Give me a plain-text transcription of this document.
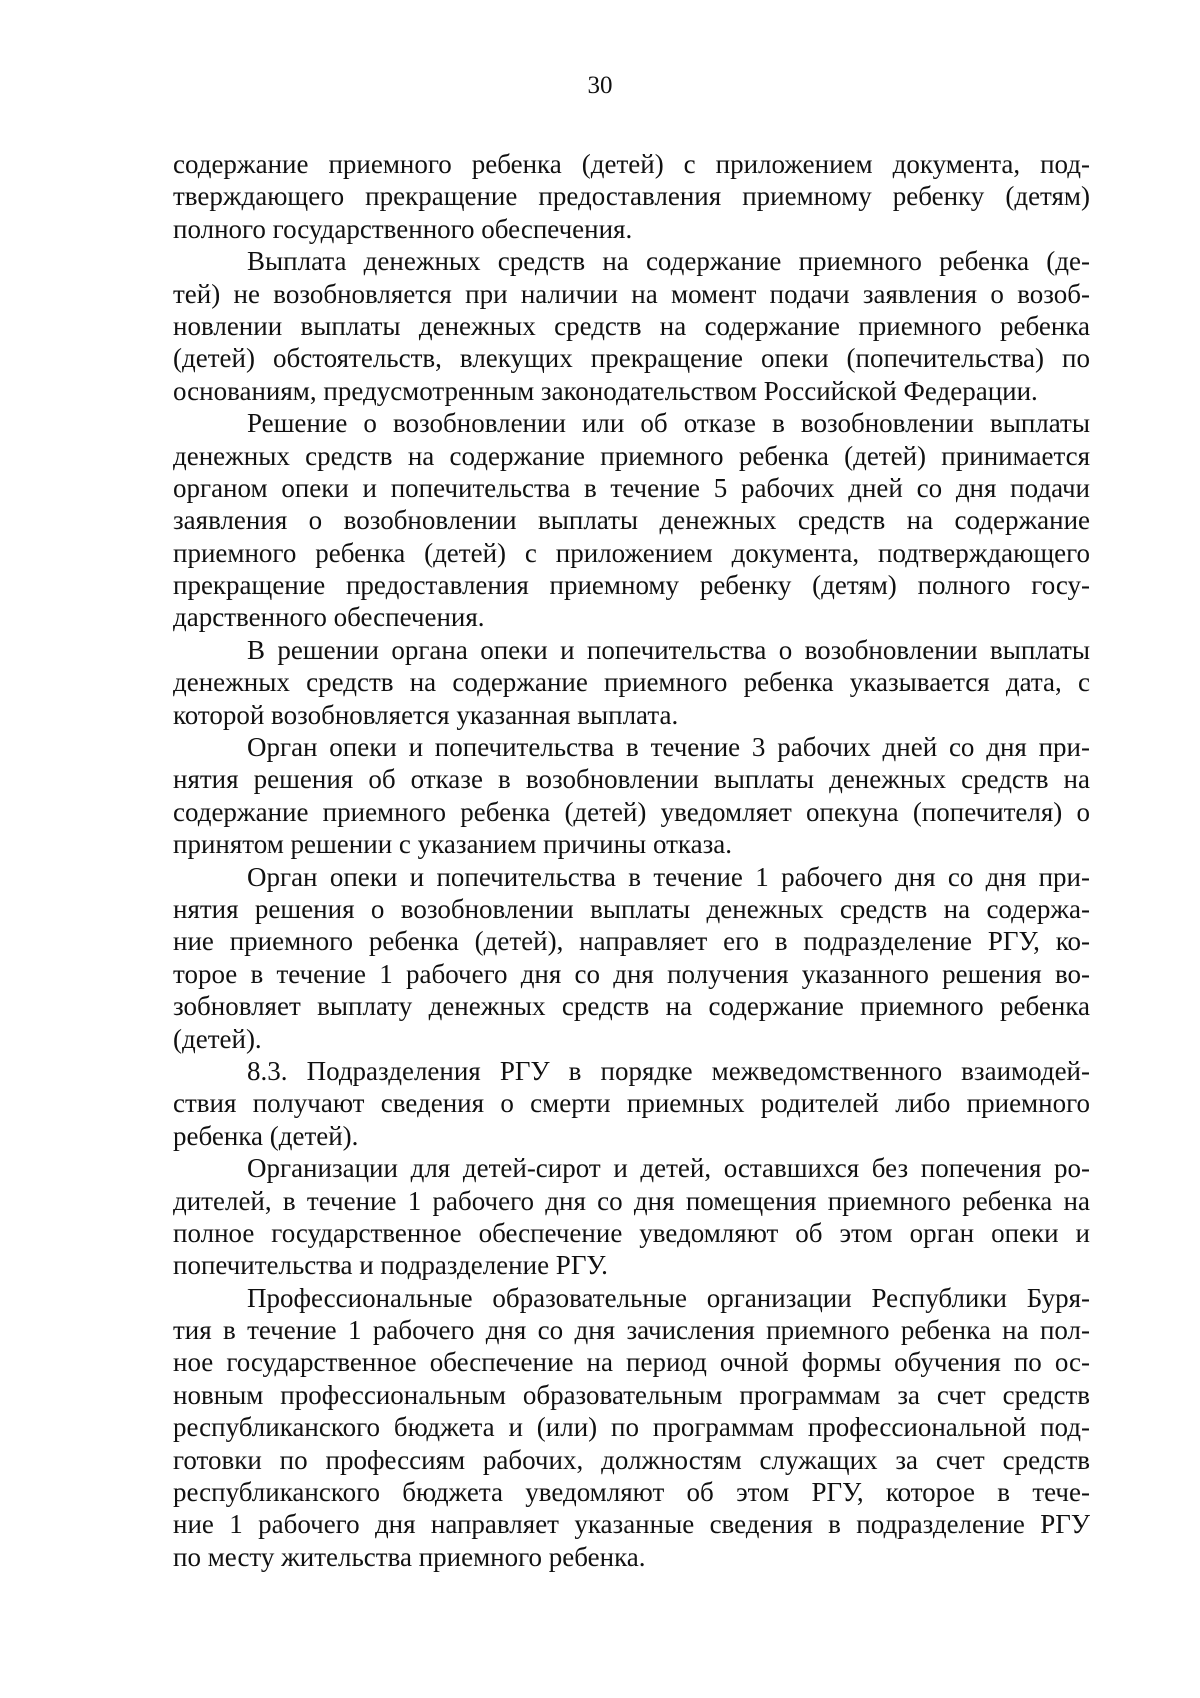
30
содержание приемного ребенка (детей) с приложением документа, под-
тверждающего прекращение предоставления приемному ребенку (детям)
полного государственного обеспечения.
Выплата денежных средств на содержание приемного ребенка (де-
тей) не возобновляется при наличии на момент подачи заявления о возоб-
новлении выплаты денежных средств на содержание приемного ребенка
(детей) обстоятельств, влекущих прекращение опеки (попечительства) по
основаниям, предусмотренным законодательством Российской Федерации.
Решение о возобновлении или об отказе в возобновлении выплаты
денежных средств на содержание приемного ребенка (детей) принимается
органом опеки и попечительства в течение 5 рабочих дней со дня подачи
заявления о возобновлении выплаты денежных средств на содержание
приемного ребенка (детей) с приложением документа, подтверждающего
прекращение предоставления приемному ребенку (детям) полного госу-
дарственного обеспечения.
В решении органа опеки и попечительства о возобновлении выплаты
денежных средств на содержание приемного ребенка указывается дата, с
которой возобновляется указанная выплата.
Орган опеки и попечительства в течение 3 рабочих дней со дня при-
нятия решения об отказе в возобновлении выплаты денежных средств на
содержание приемного ребенка (детей) уведомляет опекуна (попечителя) о
принятом решении с указанием причины отказа.
Орган опеки и попечительства в течение 1 рабочего дня со дня при-
нятия решения о возобновлении выплаты денежных средств на содержа-
ние приемного ребенка (детей), направляет его в подразделение РГУ, ко-
торое в течение 1 рабочего дня со дня получения указанного решения во-
зобновляет выплату денежных средств на содержание приемного ребенка
(детей).
8.3. Подразделения РГУ в порядке межведомственного взаимодей-
ствия получают сведения о смерти приемных родителей либо приемного
ребенка (детей).
Организации для детей-сирот и детей, оставшихся без попечения ро-
дителей, в течение 1 рабочего дня со дня помещения приемного ребенка на
полное государственное обеспечение уведомляют об этом орган опеки и
попечительства и подразделение РГУ.
Профессиональные образовательные организации Республики Буря-
тия в течение 1 рабочего дня со дня зачисления приемного ребенка на пол-
ное государственное обеспечение на период очной формы обучения по ос-
новным профессиональным образовательным программам за счет средств
республиканского бюджета и (или) по программам профессиональной под-
готовки по профессиям рабочих, должностям служащих за счет средств
республиканского бюджета уведомляют об этом РГУ, которое в тече-
ние 1 рабочего дня направляет указанные сведения в подразделение РГУ
по месту жительства приемного ребенка.
